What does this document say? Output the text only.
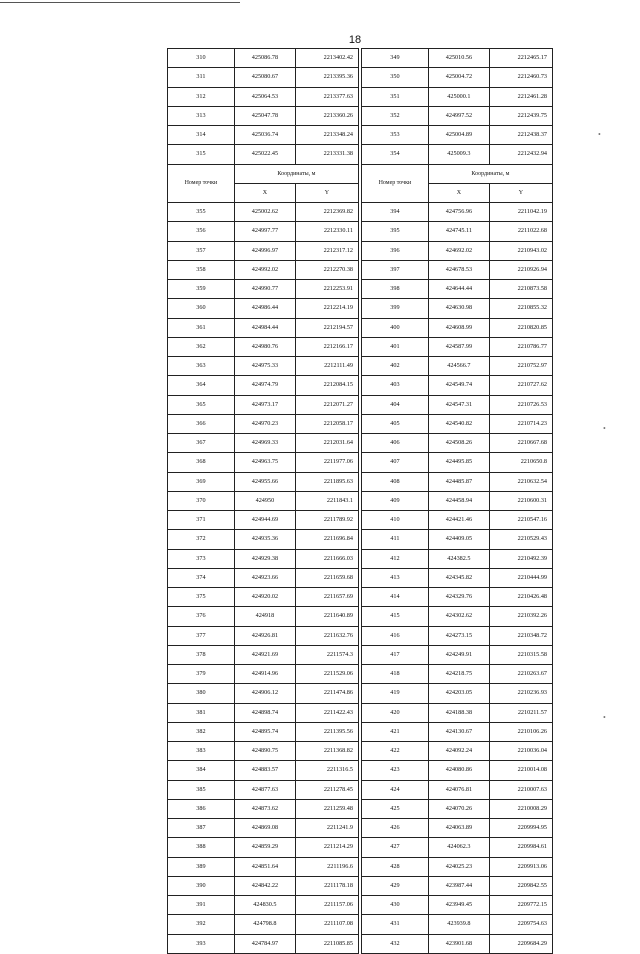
18
•
•
•
310	425086.78	2213402.42
311	425080.67	2213395.36
312	425064.53	2213377.63
313	425047.78	2213360.26
314	425036.74	2213348.24
315	425022.45	2213331.38
Номер точки	Координаты, м	
	X	Y
355	425002.62	2212369.82
356	424997.77	2212330.11
357	424996.97	2212317.12
358	424992.02	2212270.38
359	424990.77	2212253.91
360	424986.44	2212214.19
361	424984.44	2212194.57
362	424980.76	2212166.17
363	424975.33	2212111.49
364	424974.79	2212084.15
365	424973.17	2212071.27
366	424970.23	2212058.17
367	424969.33	2212031.64
368	424963.75	2211977.06
369	424955.66	2211895.63
370	424950	2211843.1
371	424944.69	2211789.92
372	424935.36	2211696.84
373	424929.38	2211666.03
374	424923.66	2211659.68
375	424920.02	2211657.69
376	424918	2211640.89
377	424926.81	2211632.76
378	424921.69	2211574.3
379	424914.96	2211529.06
380	424906.12	2211474.86
381	424898.74	2211422.43
382	424895.74	2211395.56
383	424890.75	2211368.82
384	424883.57	2211316.5
385	424877.63	2211278.45
386	424873.62	2211259.48
387	424869.08	2211241.9
388	424859.29	2211214.29
389	424851.64	2211196.6
390	424842.22	2211178.18
391	424830.5	2211157.06
392	424798.8	2211107.08
393	424784.97	2211085.85
349	425010.56	2212465.17
350	425004.72	2212460.73
351	425000.1	2212461.28
352	424997.52	2212439.75
353	425004.89	2212438.37
354	425009.3	2212432.94
Номер точки	Координаты, м	
	X	Y
394	424756.96	2211042.19
395	424745.11	2211022.68
396	424692.02	2210943.02
397	424678.53	2210926.94
398	424644.44	2210873.58
399	424630.98	2210855.32
400	424608.99	2210820.85
401	424587.99	2210786.77
402	424566.7	2210752.97
403	424549.74	2210727.62
404	424547.31	2210726.53
405	424540.82	2210714.23
406	424508.26	2210667.68
407	424495.85	2210650.8
408	424485.87	2210632.54
409	424458.94	2210600.31
410	424421.46	2210547.16
411	424409.05	2210529.43
412	424382.5	2210492.39
413	424345.82	2210444.99
414	424329.76	2210426.48
415	424302.62	2210392.26
416	424273.15	2210348.72
417	424249.91	2210315.58
418	424218.75	2210263.67
419	424203.05	2210236.93
420	424188.38	2210211.57
421	424130.67	2210106.26
422	424092.24	2210036.04
423	424080.86	2210014.08
424	424076.81	2210007.63
425	424070.26	2210008.29
426	424063.89	2209994.95
427	424062.3	2209984.61
428	424025.23	2209913.06
429	423987.44	2209842.55
430	423949.45	2209772.15
431	423939.8	2209754.63
432	423901.68	2209684.29
